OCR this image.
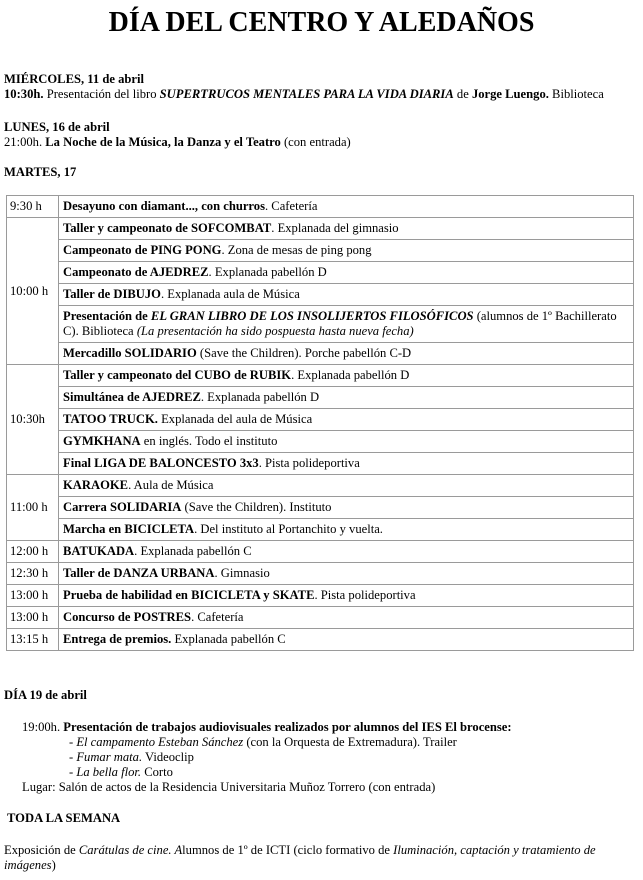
DÍA DEL CENTRO Y ALEDAÑOS
MIÉRCOLES, 11 de abril
10:30h. Presentación del libro SUPERTRUCOS MENTALES PARA LA VIDA DIARIA de Jorge Luengo. Biblioteca
LUNES, 16 de abril
21:00h. La Noche de la Música, la Danza y el Teatro (con entrada)
MARTES, 17
9:30 h	Desayuno con diamant..., con churros. Cafetería
10:00 h	Taller y campeonato de SOFCOMBAT. Explanada del gimnasio
	Campeonato de PING PONG. Zona de mesas de ping pong
	Campeonato de AJEDREZ. Explanada pabellón D
	Taller de DIBUJO. Explanada aula de Música
	Presentación de EL GRAN LIBRO DE LOS INSOLIJERTOS FILOSÓFICOS (alumnos de 1º Bachillerato C). Biblioteca (La presentación ha sido pospuesta hasta nueva fecha)
	Mercadillo SOLIDARIO (Save the Children). Porche pabellón C-D
10:30h	Taller y campeonato del CUBO de RUBIK. Explanada pabellón D
	Simultánea de AJEDREZ. Explanada pabellón D
	TATOO TRUCK. Explanada del aula de Música
	GYMKHANA en inglés. Todo el instituto
	Final LIGA DE BALONCESTO 3x3. Pista polideportiva
11:00 h	KARAOKE. Aula de Música
	Carrera SOLIDARIA (Save the Children). Instituto
	Marcha en BICICLETA. Del instituto al Portanchito y vuelta.
12:00 h	BATUKADA. Explanada pabellón C
12:30 h	Taller de DANZA URBANA. Gimnasio
13:00 h	Prueba de habilidad en BICICLETA y SKATE. Pista polideportiva
13:00 h	Concurso de POSTRES. Cafetería
13:15 h	Entrega de premios. Explanada pabellón C
DÍA 19 de abril
19:00h. Presentación de trabajos audiovisuales realizados por alumnos del IES El brocense:
- El campamento Esteban Sánchez (con la Orquesta de Extremadura). Trailer
- Fumar mata. Videoclip
- La bella flor. Corto
Lugar: Salón de actos de la Residencia Universitaria Muñoz Torrero (con entrada)
TODA LA SEMANA
Exposición de Carátulas de cine. Alumnos de 1º de ICTI (ciclo formativo de Iluminación, captación y tratamiento de imágenes)
